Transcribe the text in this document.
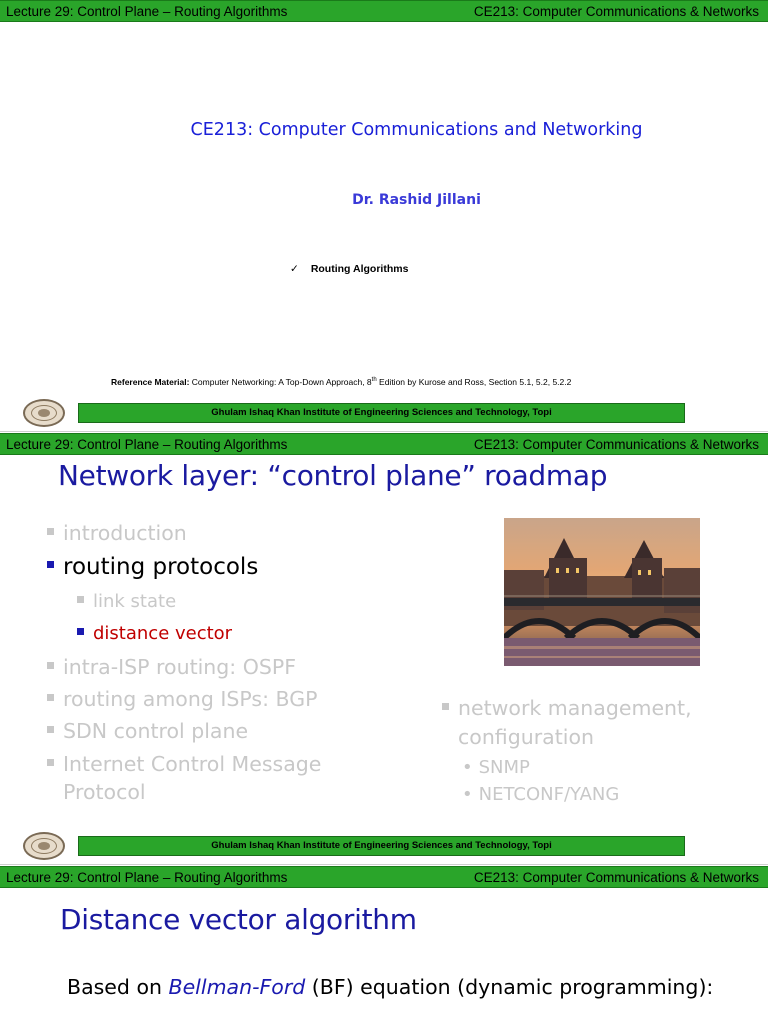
Lecture 29: Control Plane – Routing Algorithms	CE213: Computer Communications & Networks
CE213: Computer Communications and Networking
Dr. Rashid Jillani
✓ Routing Algorithms
Reference Material: Computer Networking: A Top-Down Approach, 8th Edition by Kurose and Ross, Section 5.1, 5.2, 5.2.2
Ghulam Ishaq Khan Institute of Engineering Sciences and Technology, Topi
Lecture 29: Control Plane – Routing Algorithms	CE213: Computer Communications & Networks
Network layer: “control plane” roadmap
introduction
routing protocols
link state
distance vector
intra-ISP routing: OSPF
routing among ISPs: BGP
SDN control plane
Internet Control Message
Protocol
network management,
configuration
• SNMP
• NETCONF/YANG
Ghulam Ishaq Khan Institute of Engineering Sciences and Technology, Topi
Lecture 29: Control Plane – Routing Algorithms	CE213: Computer Communications & Networks
Distance vector algorithm
Based on Bellman-Ford (BF) equation (dynamic programming):
